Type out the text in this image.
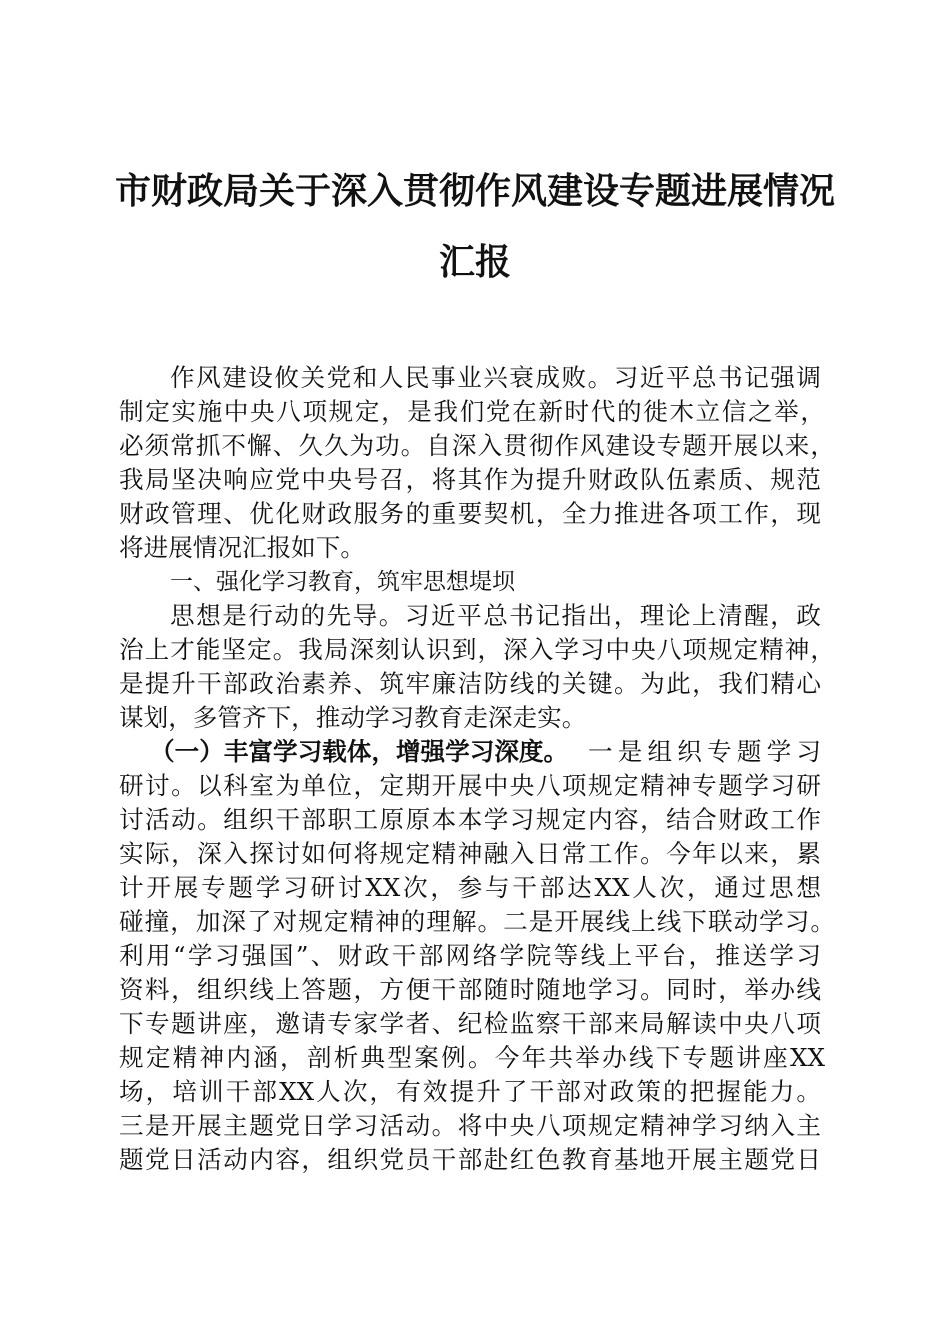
市财政局关于深入贯彻作风建设专题进展情况
汇报
作风建设攸关党和人民事业兴衰成败。习近平总书记强调
制定实施中央八项规定，是我们党在新时代的徙木立信之举，
必须常抓不懈、久久为功。自深入贯彻作风建设专题开展以来，
我局坚决响应党中央号召，将其作为提升财政队伍素质、规范
财政管理、优化财政服务的重要契机，全力推进各项工作，现
将进展情况汇报如下。
一、强化学习教育，筑牢思想堤坝
思想是行动的先导。习近平总书记指出，理论上清醒，政
治上才能坚定。我局深刻认识到，深入学习中央八项规定精神，
是提升干部政治素养、筑牢廉洁防线的关键。为此，我们精心
谋划，多管齐下，推动学习教育走深走实。
（一）丰富学习载体，增强学习深度。 一是组织专题学习
研讨。以科室为单位，定期开展中央八项规定精神专题学习研
讨活动。组织干部职工原原本本学习规定内容，结合财政工作
实际，深入探讨如何将规定精神融入日常工作。今年以来，累
计开展专题学习研讨XX次，参与干部达XX人次，通过思想
碰撞，加深了对规定精神的理解。二是开展线上线下联动学习。
利用“学习强国”、财政干部网络学院等线上平台，推送学习
资料，组织线上答题，方便干部随时随地学习。同时，举办线
下专题讲座，邀请专家学者、纪检监察干部来局解读中央八项
规定精神内涵，剖析典型案例。今年共举办线下专题讲座XX
场，培训干部XX人次，有效提升了干部对政策的把握能力。
三是开展主题党日学习活动。将中央八项规定精神学习纳入主
题党日活动内容，组织党员干部赴红色教育基地开展主题党日
